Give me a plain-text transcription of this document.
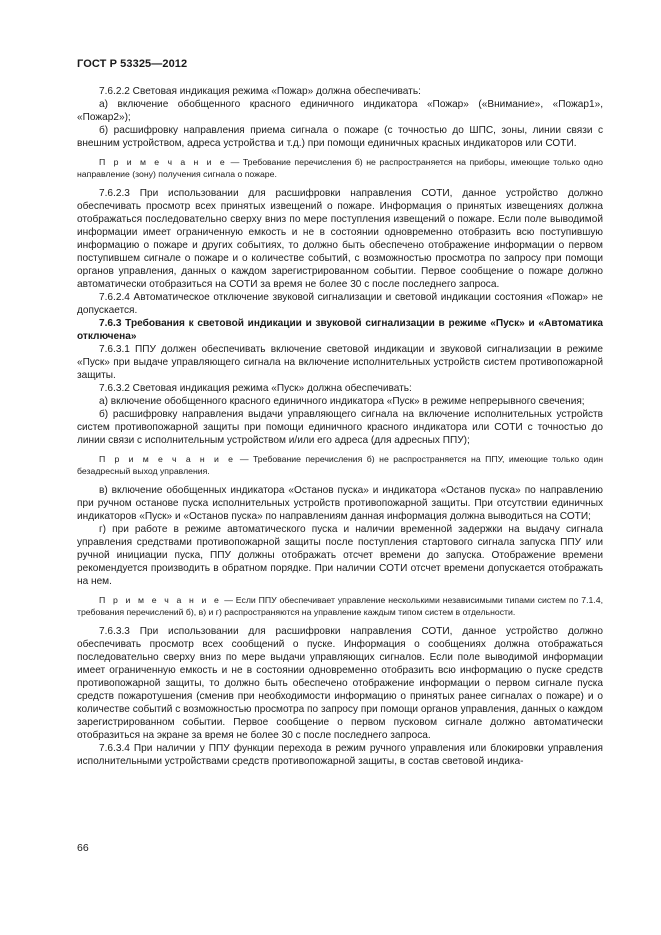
ГОСТ Р 53325—2012

7.6.2.2 Световая индикация режима «Пожар» должна обеспечивать:

а) включение обобщенного красного единичного индикатора «Пожар» («Внимание», «Пожар1», «Пожар2»);

б) расшифровку направления приема сигнала о пожаре (с точностью до ШПС, зоны, линии связи с внешним устройством, адреса устройства и т.д.) при помощи единичных красных индикаторов или СОТИ.

П р и м е ч а н и е — Требование перечисления б) не распространяется на приборы, имеющие только одно направление (зону) получения сигнала о пожаре.

7.6.2.3 При использовании для расшифровки направления СОТИ, данное устройство должно обеспечивать просмотр всех принятых извещений о пожаре. Информация о принятых извещениях должна отображаться последовательно сверху вниз по мере поступления извещений о пожаре. Если поле выводимой информации имеет ограниченную емкость и не в состоянии одновременно отобразить всю поступившую информацию о пожаре и других событиях, то должно быть обеспечено отображение информации о первом поступившем сигнале о пожаре и о количестве событий, с возможностью просмотра по запросу при помощи органов управления, данных о каждом зарегистрированном событии. Первое сообщение о пожаре должно автоматически отобразиться на СОТИ за время не более 30 с после последнего запроса.

7.6.2.4 Автоматическое отключение звуковой сигнализации и световой индикации состояния «Пожар» не допускается.

7.6.3 Требования к световой индикации и звуковой сигнализации в режиме «Пуск» и «Автоматика отключена»

7.6.3.1 ППУ должен обеспечивать включение световой индикации и звуковой сигнализации в режиме «Пуск» при выдаче управляющего сигнала на включение исполнительных устройств систем противопожарной защиты.

7.6.3.2 Световая индикация режима «Пуск» должна обеспечивать:

а) включение обобщенного красного единичного индикатора «Пуск» в режиме непрерывного свечения;

б) расшифровку направления выдачи управляющего сигнала на включение исполнительных устройств систем противопожарной защиты при помощи единичного красного индикатора или СОТИ с точностью до линии связи с исполнительным устройством и/или его адреса (для адресных ППУ);

П р и м е ч а н и е — Требование перечисления б) не распространяется на ППУ, имеющие только один безадресный выход управления.

в) включение обобщенных индикатора «Останов пуска» и индикатора «Останов пуска» по направлению при ручном останове пуска исполнительных устройств противопожарной защиты. При отсутствии единичных индикаторов «Пуск» и «Останов пуска» по направлениям данная информация должна выводиться на СОТИ;

г) при работе в режиме автоматического пуска и наличии временной задержки на выдачу сигнала управления средствами противопожарной защиты после поступления стартового сигнала запуска ППУ или ручной инициации пуска, ППУ должны отображать отсчет времени до запуска. Отображение времени рекомендуется производить в обратном порядке. При наличии СОТИ отсчет времени допускается отображать на нем.

П р и м е ч а н и е — Если ППУ обеспечивает управление несколькими независимыми типами систем по 7.1.4, требования перечислений б), в) и г) распространяются на управление каждым типом систем в отдельности.

7.6.3.3 При использовании для расшифровки направления СОТИ, данное устройство должно обеспечивать просмотр всех сообщений о пуске. Информация о сообщениях должна отображаться последовательно сверху вниз по мере выдачи управляющих сигналов. Если поле выводимой информации имеет ограниченную емкость и не в состоянии одновременно отобразить всю информацию о пуске средств противопожарной защиты, то должно быть обеспечено отображение информации о первом сигнале пуска средств пожаротушения (сменив при необходимости информацию о принятых ранее сигналах о пожаре) и о количестве событий с возможностью просмотра по запросу при помощи органов управления, данных о каждом зарегистрированном событии. Первое сообщение о первом пусковом сигнале должно автоматически отобразиться на экране за время не более 30 с после последнего запроса.

7.6.3.4 При наличии у ППУ функции перехода в режим ручного управления или блокировки управления исполнительными устройствами средств противопожарной защиты, в состав световой индика-

66
